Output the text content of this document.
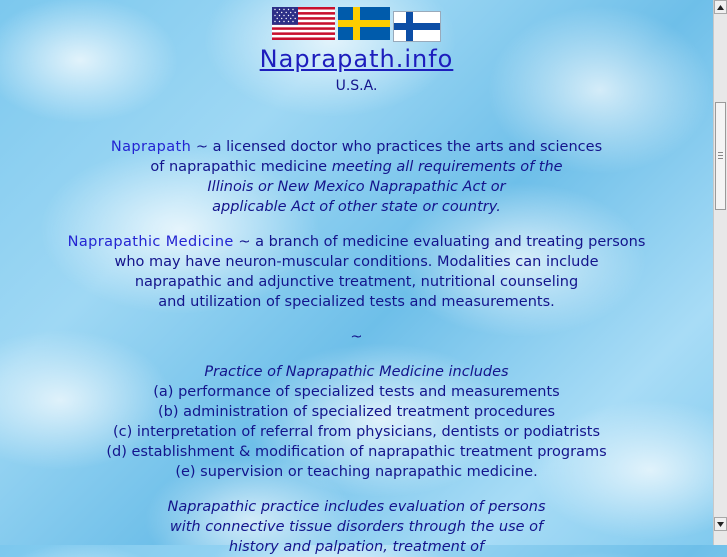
Naprapath.info
U.S.A.

Naprapath ~ a licensed doctor who practices the arts and sciences
of naprapathic medicine meeting all requirements of the
Illinois or New Mexico Naprapathic Act or
applicable Act of other state or country.

Naprapathic Medicine ~ a branch of medicine evaluating and treating persons
who may have neuron-muscular conditions. Modalities can include
naprapathic and adjunctive treatment, nutritional counseling
and utilization of specialized tests and measurements.

~

Practice of Naprapathic Medicine includes
(a) performance of specialized tests and measurements
(b) administration of specialized treatment procedures
(c) interpretation of referral from physicians, dentists or podiatrists
(d) establishment & modification of naprapathic treatment programs
(e) supervision or teaching naprapathic medicine.

Naprapathic practice includes evaluation of persons
with connective tissue disorders through the use of
history and palpation, treatment of
